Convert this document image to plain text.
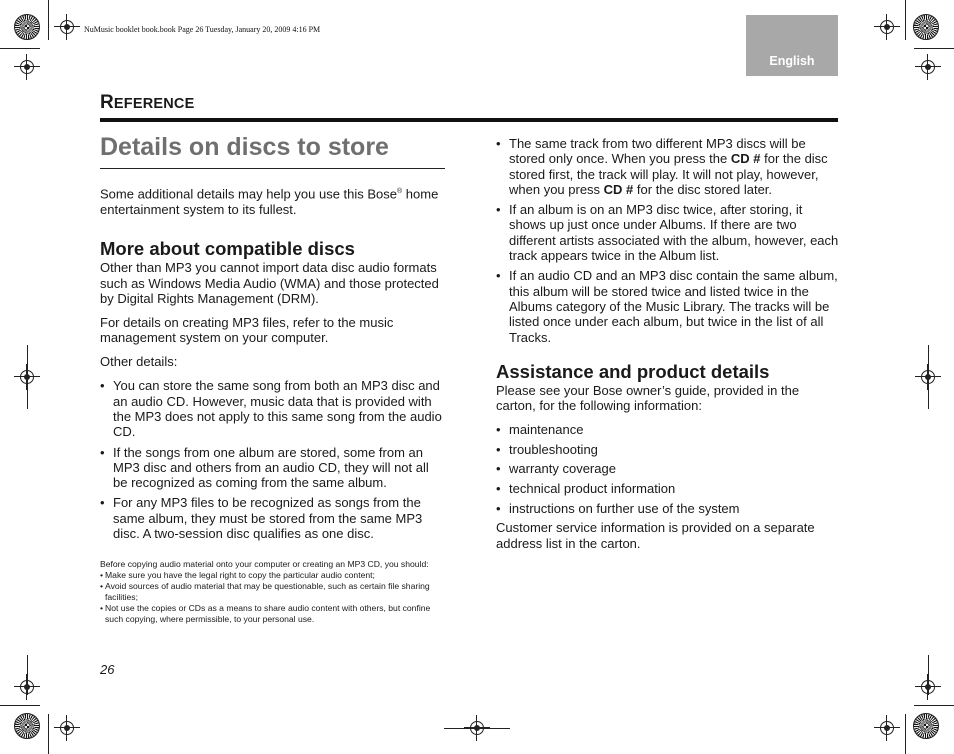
NuMusic booklet book.book Page 26 Tuesday, January 20, 2009 4:16 PM
English
REFERENCE
Details on discs to store

Some additional details may help you use this Bose® home entertainment system to its fullest.

More about compatible discs

Other than MP3 you cannot import data disc audio formats such as Windows Media Audio (WMA) and those protected by Digital Rights Management (DRM).

For details on creating MP3 files, refer to the music management system on your computer.

Other details:

• You can store the same song from both an MP3 disc and an audio CD. However, music data that is provided with the MP3 does not apply to this same song from the audio CD.
• If the songs from one album are stored, some from an MP3 disc and others from an audio CD, they will not all be recognized as coming from the same album.
• For any MP3 files to be recognized as songs from the same album, they must be stored from the same MP3 disc. A two-session disc qualifies as one disc.
Before copying audio material onto your computer or creating an MP3 CD, you should:
• Make sure you have the legal right to copy the particular audio content;
• Avoid sources of audio material that may be questionable, such as certain file sharing facilities;
• Not use the copies or CDs as a means to share audio content with others, but confine such copying, where permissible, to your personal use.
• The same track from two different MP3 discs will be stored only once. When you press the CD # for the disc stored first, the track will play. It will not play, however, when you press CD # for the disc stored later.
• If an album is on an MP3 disc twice, after storing, it shows up just once under Albums. If there are two different artists associated with the album, however, each track appears twice in the Album list.
• If an audio CD and an MP3 disc contain the same album, this album will be stored twice and listed twice in the Albums category of the Music Library. The tracks will be listed once under each album, but twice in the list of all Tracks.
Assistance and product details

Please see your Bose owner’s guide, provided in the carton, for the following information:

• maintenance
• troubleshooting
• warranty coverage
• technical product information
• instructions on further use of the system

Customer service information is provided on a separate address list in the carton.

26
